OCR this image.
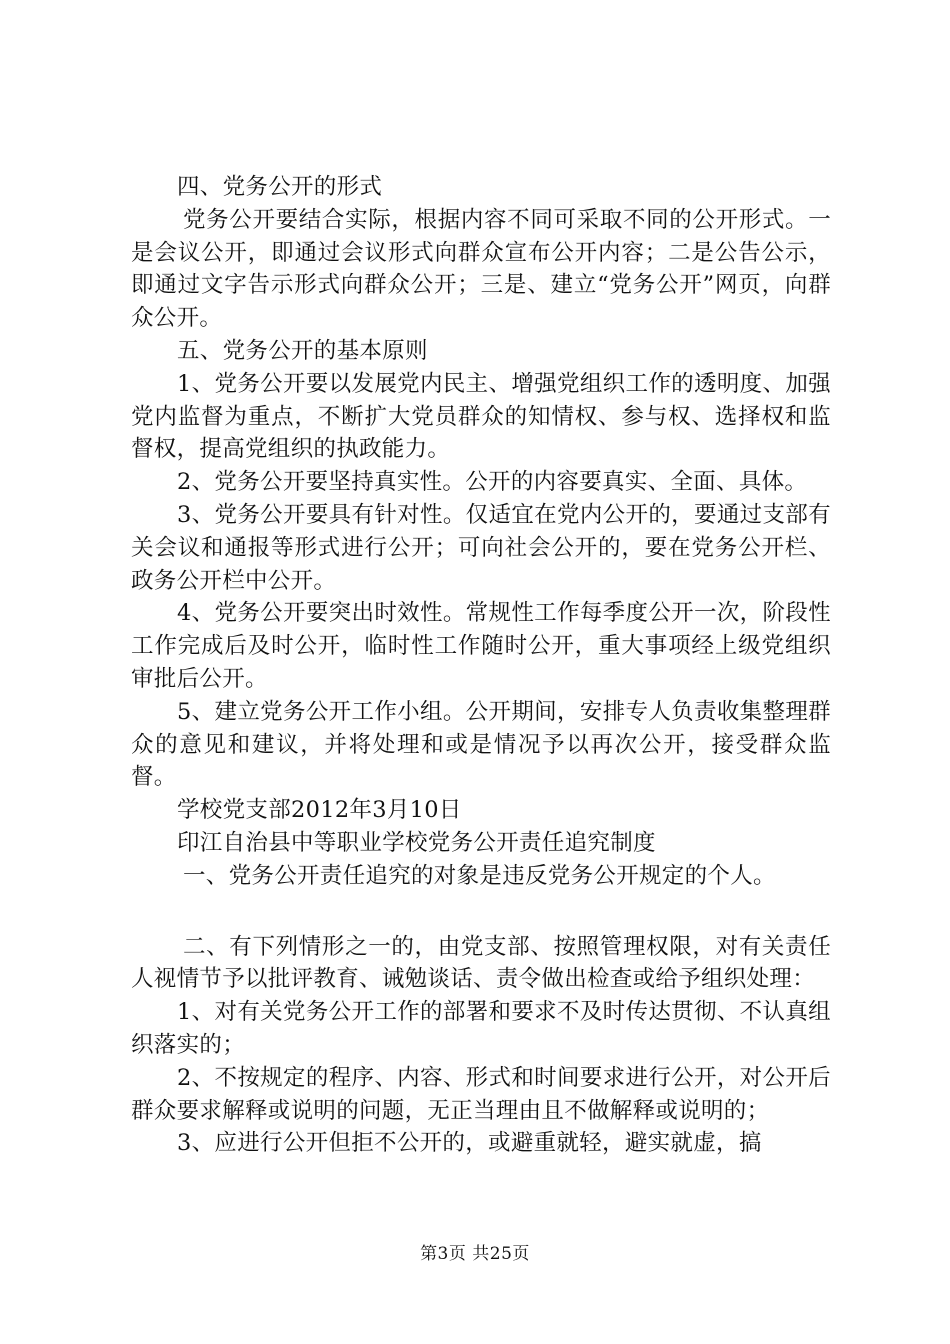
四、党务公开的形式

党务公开要结合实际，根据内容不同可采取不同的公开形式。一是会议公开，即通过会议形式向群众宣布公开内容；二是公告公示，即通过文字告示形式向群众公开；三是、建立“党务公开”网页，向群众公开。

五、党务公开的基本原则

1、党务公开要以发展党内民主、增强党组织工作的透明度、加强党内监督为重点，不断扩大党员群众的知情权、参与权、选择权和监督权，提高党组织的执政能力。

2、党务公开要坚持真实性。公开的内容要真实、全面、具体。

3、党务公开要具有针对性。仅适宜在党内公开的，要通过支部有关会议和通报等形式进行公开；可向社会公开的，要在党务公开栏、政务公开栏中公开。

4、党务公开要突出时效性。常规性工作每季度公开一次，阶段性工作完成后及时公开，临时性工作随时公开，重大事项经上级党组织审批后公开。

5、建立党务公开工作小组。公开期间，安排专人负责收集整理群众的意见和建议，并将处理和或是情况予以再次公开，接受群众监督。

学校党支部2012年3月10日

印江自治县中等职业学校党务公开责任追究制度

一、党务公开责任追究的对象是违反党务公开规定的个人。

二、有下列情形之一的，由党支部、按照管理权限，对有关责任人视情节予以批评教育、诫勉谈话、责令做出检查或给予组织处理：

1、对有关党务公开工作的部署和要求不及时传达贯彻、不认真组织落实的；

2、不按规定的程序、内容、形式和时间要求进行公开，对公开后群众要求解释或说明的问题，无正当理由且不做解释或说明的；

3、应进行公开但拒不公开的，或避重就轻，避实就虚，搞

第3页 共25页
